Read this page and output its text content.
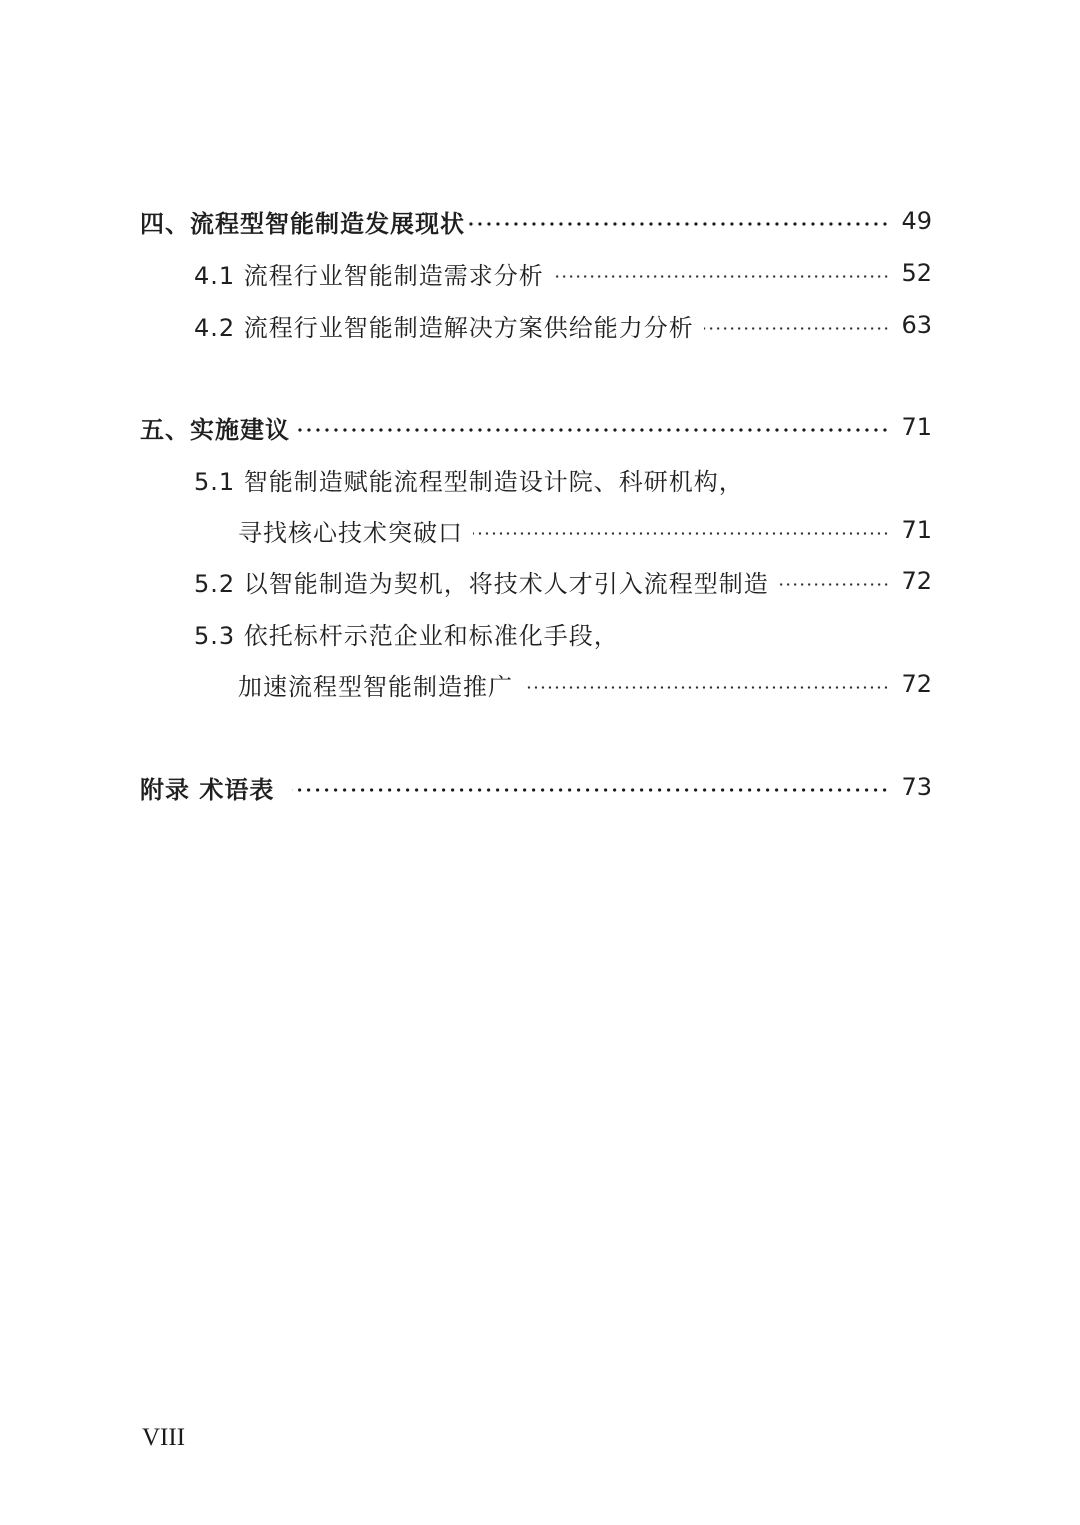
四、流程型智能制造发展现状	49
4.1 流程行业智能制造需求分析	52
4.2 流程行业智能制造解决方案供给能力分析	63
五、实施建议	71
5.1 智能制造赋能流程型制造设计院、科研机构，
寻找核心技术突破口	71
5.2 以智能制造为契机，将技术人才引入流程型制造	72
5.3 依托标杆示范企业和标准化手段，
加速流程型智能制造推广	72
附录 术语表	73
VIII
